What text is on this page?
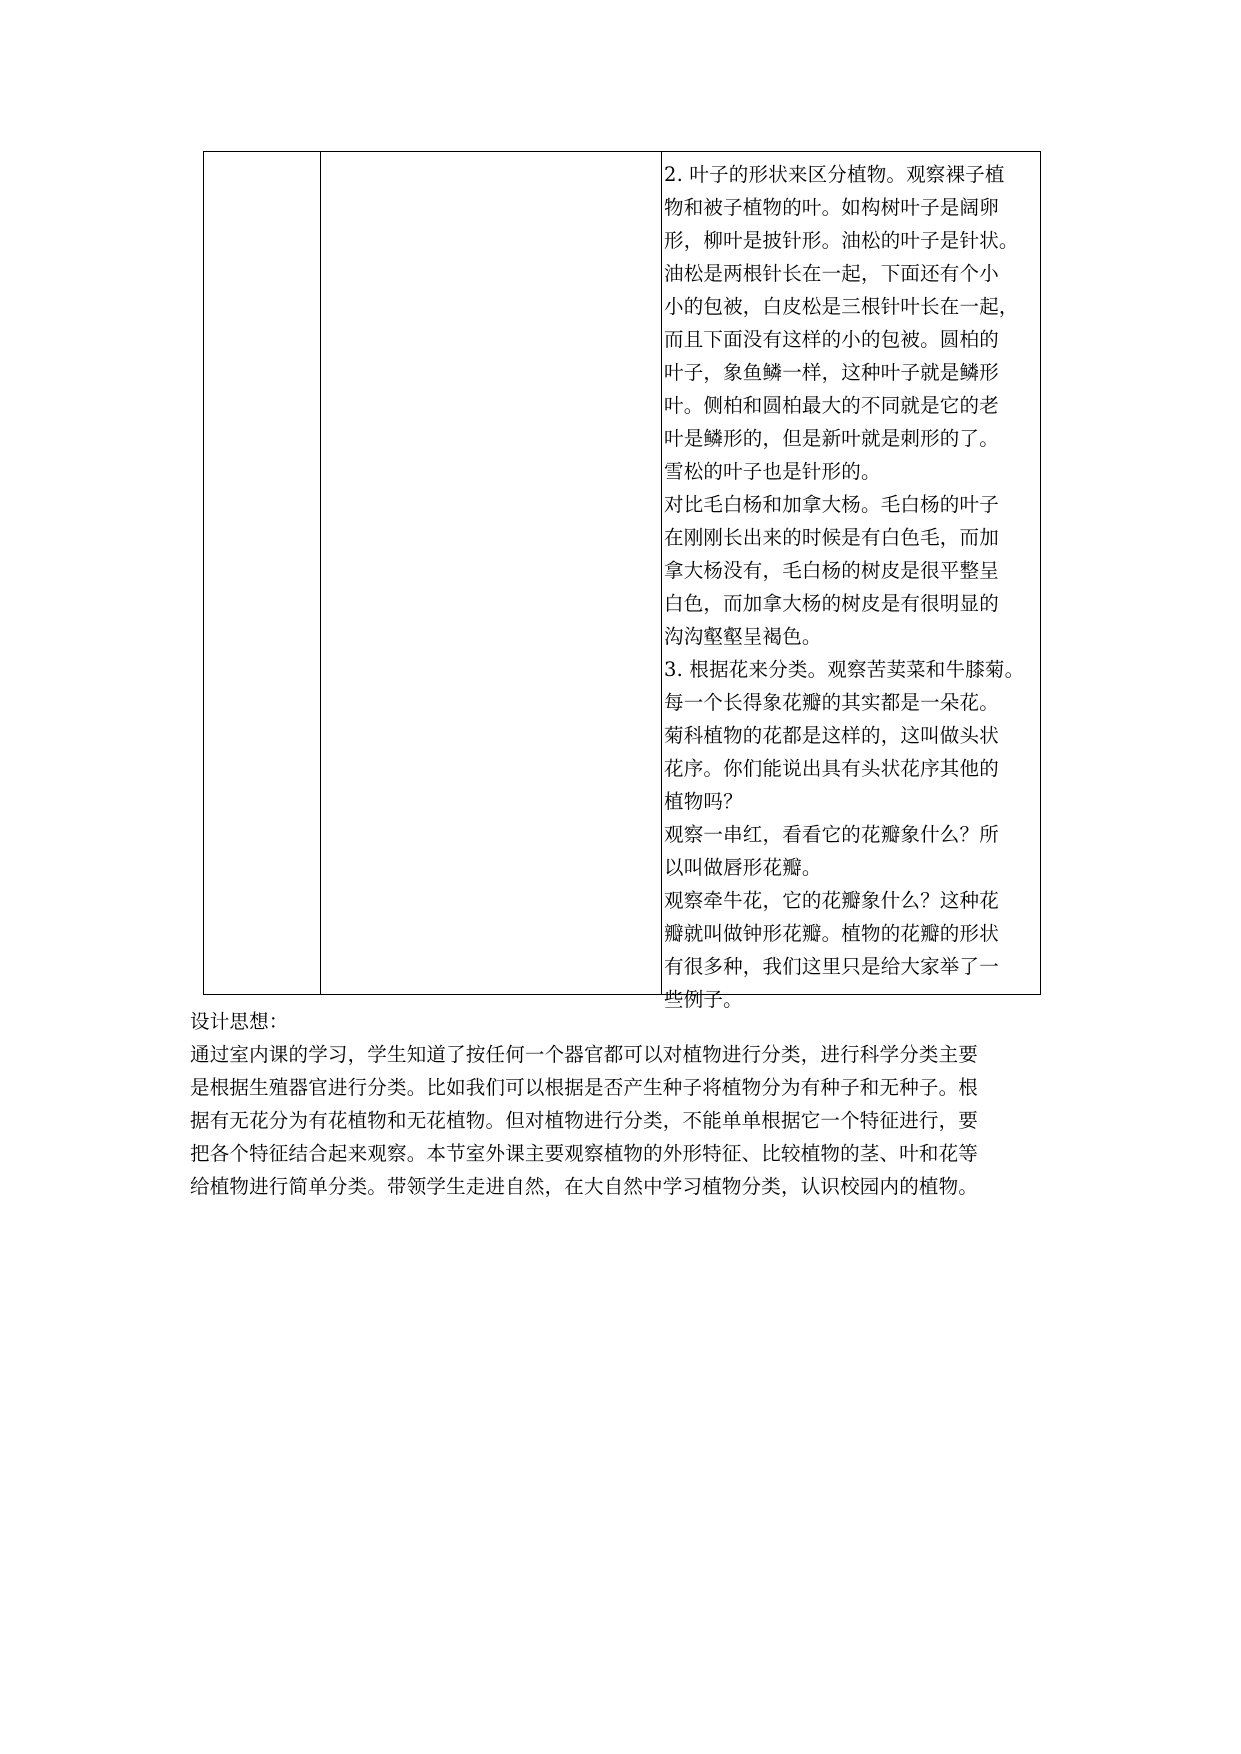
2. 叶子的形状来区分植物。观察裸子植
物和被子植物的叶。如构树叶子是阔卵
形，柳叶是披针形。油松的叶子是针状。
油松是两根针长在一起，下面还有个小
小的包被，白皮松是三根针叶长在一起，
而且下面没有这样的小的包被。圆柏的
叶子，象鱼鳞一样，这种叶子就是鳞形
叶。侧柏和圆柏最大的不同就是它的老
叶是鳞形的，但是新叶就是刺形的了。
雪松的叶子也是针形的。
对比毛白杨和加拿大杨。毛白杨的叶子
在刚刚长出来的时候是有白色毛，而加
拿大杨没有，毛白杨的树皮是很平整呈
白色，而加拿大杨的树皮是有很明显的
沟沟壑壑呈褐色。
3. 根据花来分类。观察苦荬菜和牛膝菊。
每一个长得象花瓣的其实都是一朵花。
菊科植物的花都是这样的，这叫做头状
花序。你们能说出具有头状花序其他的
植物吗？
观察一串红，看看它的花瓣象什么？所
以叫做唇形花瓣。
观察牵牛花，它的花瓣象什么？这种花
瓣就叫做钟形花瓣。植物的花瓣的形状
有很多种，我们这里只是给大家举了一
些例子。
设计思想：
通过室内课的学习，学生知道了按任何一个器官都可以对植物进行分类，进行科学分类主要
是根据生殖器官进行分类。比如我们可以根据是否产生种子将植物分为有种子和无种子。根
据有无花分为有花植物和无花植物。但对植物进行分类，不能单单根据它一个特征进行，要
把各个特征结合起来观察。本节室外课主要观察植物的外形特征、比较植物的茎、叶和花等
给植物进行简单分类。带领学生走进自然，在大自然中学习植物分类，认识校园内的植物。
